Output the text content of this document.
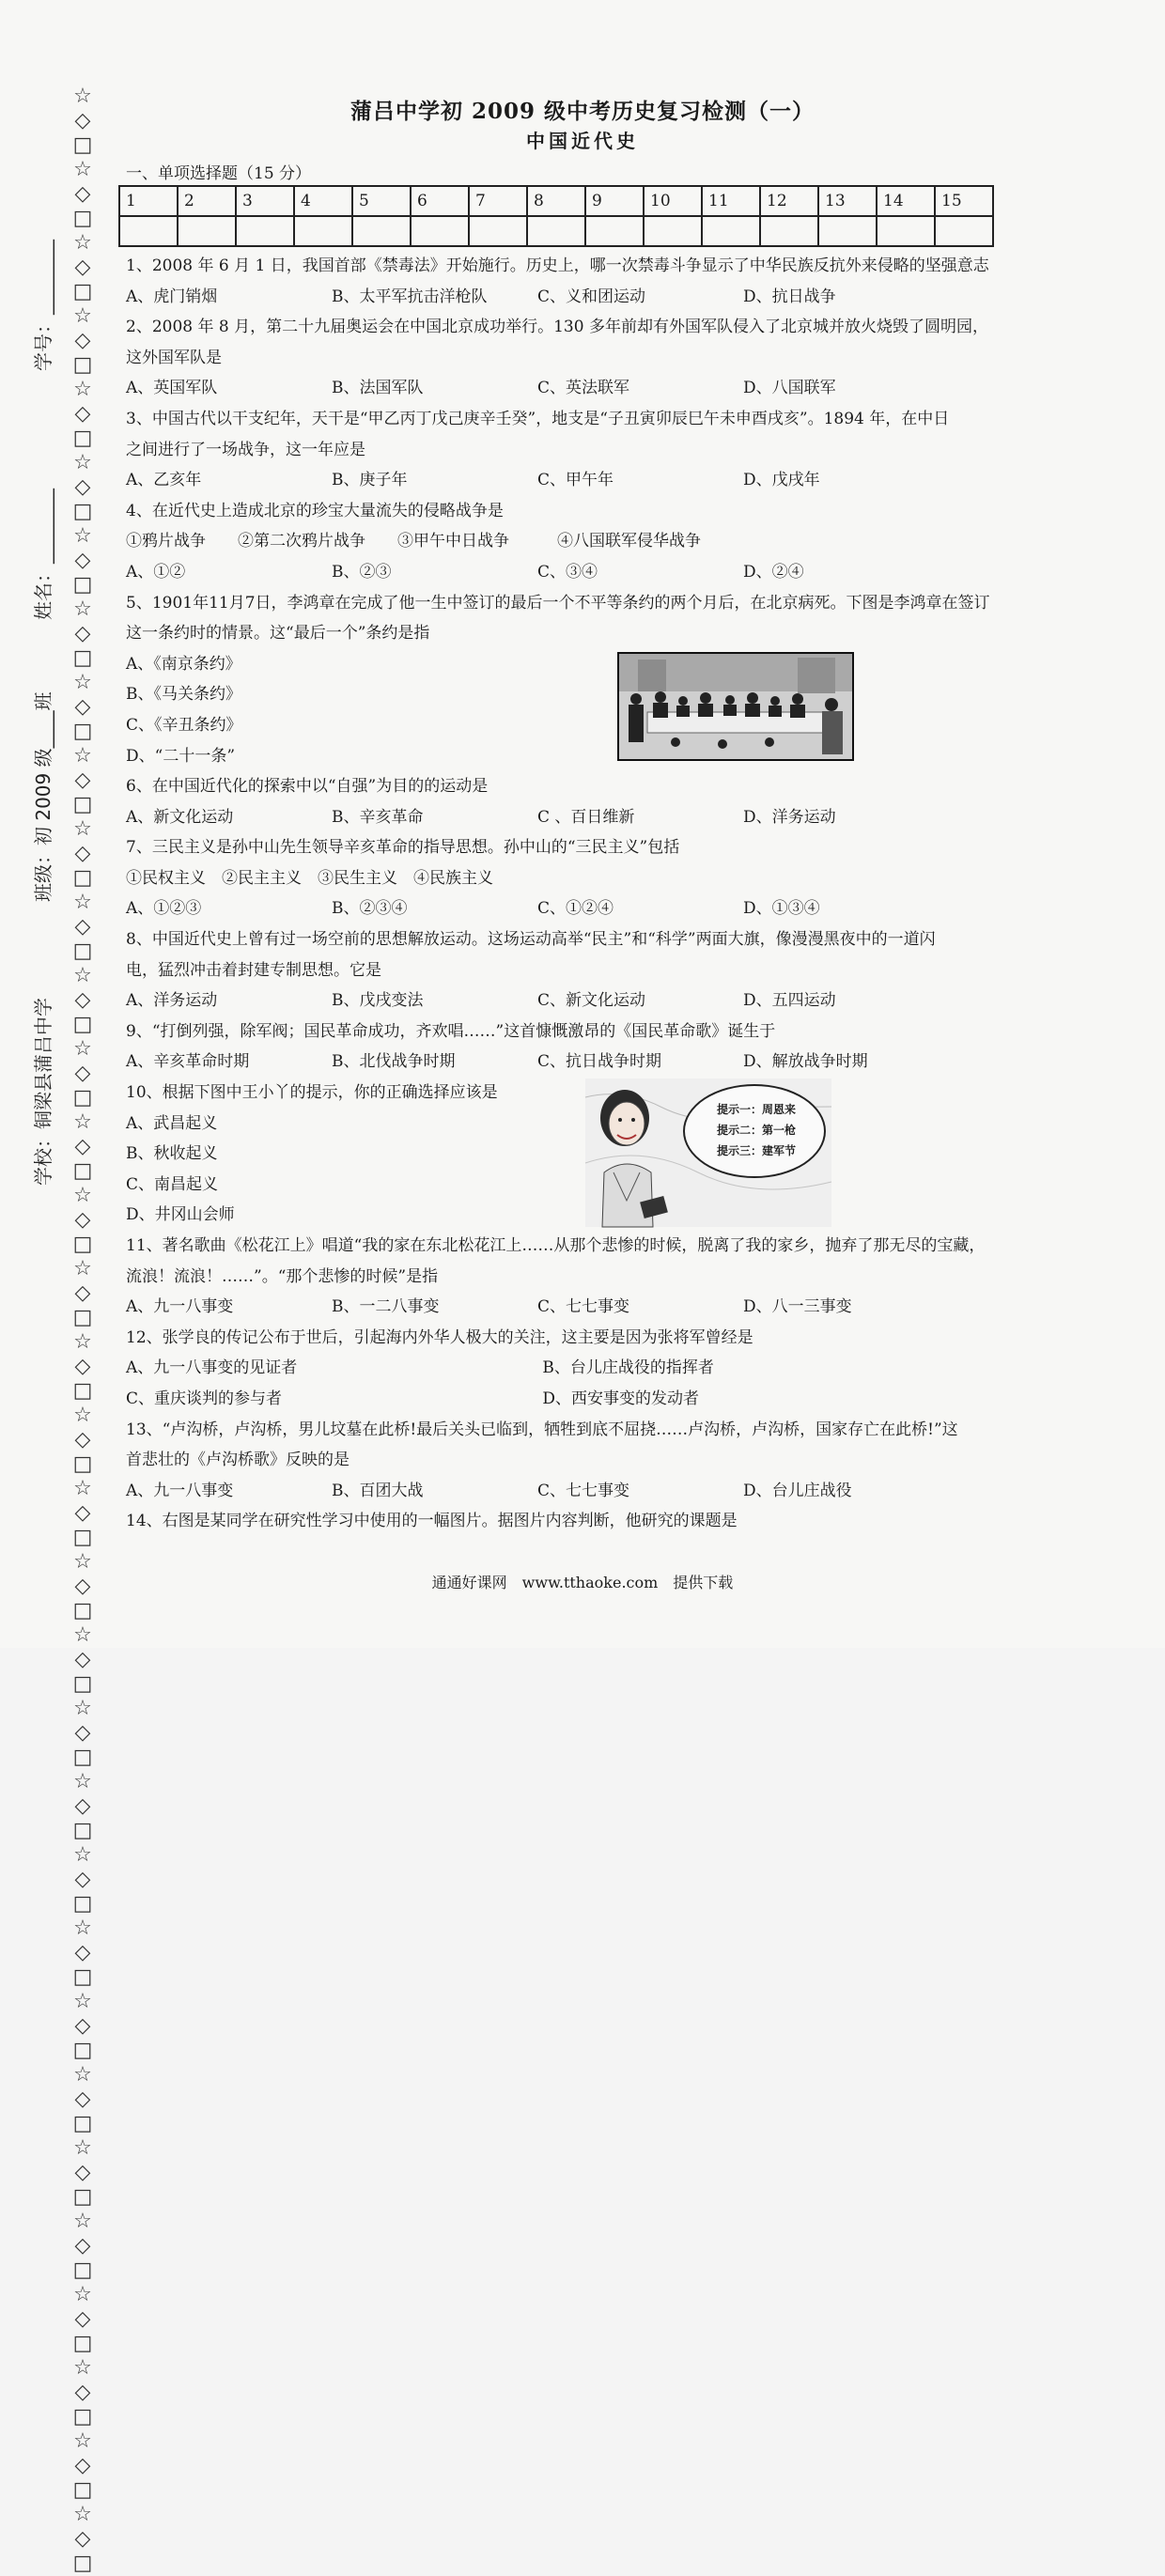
☆◇□☆◇□☆◇□☆◇□☆◇□☆◇□☆◇□☆◇□☆◇□☆◇□☆◇□☆◇□☆◇□☆◇□☆◇□☆◇□☆◇□☆◇□☆◇□☆◇□☆◇□☆◇□☆◇□☆◇□☆◇□☆◇□☆◇□☆◇□☆◇□☆◇□☆◇□☆◇□☆◇□☆◇□
学号：________
姓名：________
班级：初 2009 级____班
学校：铜梁县蒲吕中学
蒲吕中学初 2009 级中考历史复习检测（一）
中国近代史
一、单项选择题（15 分）
1	2	3	4	5	6	7	8	9	10	11	12	13	14	15

1、2008 年 6 月 1 日，我国首部《禁毒法》开始施行。历史上，哪一次禁毒斗争显示了中华民族反抗外来侵略的坚强意志
A、虎门销烟	B、太平军抗击洋枪队	C、义和团运动	D、抗日战争
2、2008 年 8 月，第二十九届奥运会在中国北京成功举行。130 多年前却有外国军队侵入了北京城并放火烧毁了圆明园，
这外国军队是
A、英国军队	B、法国军队	C、英法联军	D、八国联军
3、中国古代以干支纪年，天干是“甲乙丙丁戊己庚辛壬癸”，地支是“子丑寅卯辰巳午未申酉戌亥”。1894 年，在中日
之间进行了一场战争，这一年应是
A、乙亥年	B、庚子年	C、甲午年	D、戊戌年
4、在近代史上造成北京的珍宝大量流失的侵略战争是
①鸦片战争　　②第二次鸦片战争　　③甲午中日战争　　　④八国联军侵华战争
A、①②	B、②③	C、③④	D、②④
5、1901年11月7日，李鸿章在完成了他一生中签订的最后一个不平等条约的两个月后，在北京病死。下图是李鸿章在签订
这一条约时的情景。这“最后一个”条约是指
A、《南京条约》
B、《马关条约》
C、《辛丑条约》
D、“二十一条”
6、在中国近代化的探索中以“自强”为目的的运动是
A、新文化运动	B、辛亥革命	C 、百日维新	D、洋务运动
7、三民主义是孙中山先生领导辛亥革命的指导思想。孙中山的“三民主义”包括
①民权主义　②民主主义　③民生主义　④民族主义
A、①②③	B、②③④	C、①②④	D、①③④
8、中国近代史上曾有过一场空前的思想解放运动。这场运动高举“民主”和“科学”两面大旗，像漫漫黑夜中的一道闪
电，猛烈冲击着封建专制思想。它是
A、洋务运动	B、戊戌变法	C、新文化运动	D、五四运动
9、“打倒列强，除军阀；国民革命成功，齐欢唱……”这首慷慨激昂的《国民革命歌》诞生于
A、辛亥革命时期	B、北伐战争时期	C、抗日战争时期	D、解放战争时期
10、根据下图中王小丫的提示，你的正确选择应该是
A、武昌起义
B、秋收起义
C、南昌起义
D、井冈山会师
11、著名歌曲《松花江上》唱道“我的家在东北松花江上……从那个悲惨的时候，脱离了我的家乡，抛弃了那无尽的宝藏，
流浪！流浪！……”。“那个悲惨的时候”是指
A、九一八事变	B、一二八事变	C、七七事变	D、八一三事变
12、张学良的传记公布于世后，引起海内外华人极大的关注，这主要是因为张将军曾经是
A、九一八事变的见证者	B、台儿庄战役的指挥者
C、重庆谈判的参与者	D、西安事变的发动者
13、“卢沟桥，卢沟桥，男儿坟墓在此桥!最后关头已临到，牺牲到底不屈挠……卢沟桥，卢沟桥，国家存亡在此桥!”这
首悲壮的《卢沟桥歌》反映的是
A、九一八事变	B、百团大战	C、七七事变	D、台儿庄战役
14、右图是某同学在研究性学习中使用的一幅图片。据图片内容判断，他研究的课题是
提示一：周恩来
提示二：第一枪
提示三：建军节
通通好课网　www.tthaoke.com　提供下载
